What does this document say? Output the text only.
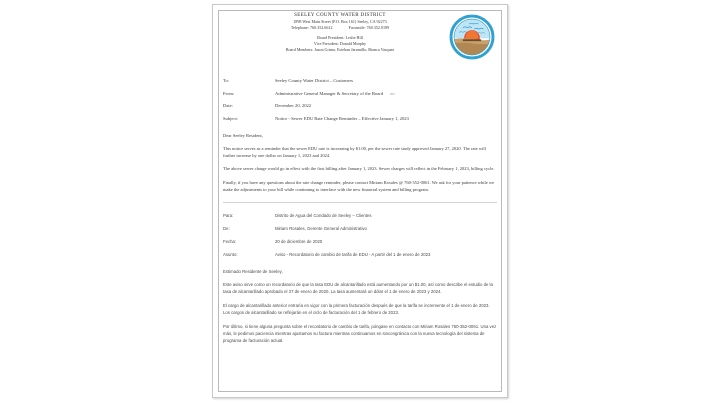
SEELEY COUNTY WATER DISTRICT
1898 West Main Street (P.O. Box 161) Seeley, CA 92273
Telephone: 760.352.6612	Facsimile: 760.352.0189
Board President: Leslie Hill
Vice President: Donald Murphy
Board Members: Jason Grima, Esteban Jaramillo, Bianca Vasquez
To:	Seeley County Water District – Customers
From:	Administrative General Manager & Secretary of the Board mr.
Date:	December 20, 2022
Subject:	Notice - Sewer EDU Rate Change Reminder – Effective January 1, 2023
Dear Seeley Resident,
This notice serves as a reminder that the sewer EDU rate is increasing by $1.00, per the sewer rate study approved January 27, 2020. The rate will further increase by one dollar on January 1, 2023 and 2024.
The above sewer charge would go in effect with the first billing after January 1, 2023. Sewer charges will reflect in the February 1, 2023, billing cycle.
Finally, if you have any questions about the rate change reminder, please contact Miriam Rosales @ 760-352-0061. We ask for your patience while we make the adjustments to your bill while continuing to interface with the new financial system and billing program.
Para:	Distrito de Agua del Condado de Seeley – Clientes
De:	Miriam Rosales, Gerente General Administrativo
Fecha:	20 de diciembre de 2020
Asunto:	Aviso - Recordatorio de cambio de tarifa de EDU - A partir del 1 de enero de 2023
Estimado Residente de Seeley,
Este aviso sirve como un recordatorio de que la tasa EDU de alcantarillado está aumentando por un $1.00, así como describe el estudio de la tasa de alcantarillado aprobado el 27 de enero de 2020. La tasa aumentará un dólar el 1 de enero de 2023 y 2024.
El cargo de alcantarillado anterior entraría en vigor con la primera facturación después de que la tarifa se incremente el 1 de enero de 2023. Los cargos de alcantarillado se reflejarán en el ciclo de facturación del 1 de febrero de 2023.
Por último, si tiene alguna pregunta sobre el recordatorio de cambio de tarifa, póngase en contacto con Miriam Rosales 760-352-0061. Una vez más, le pedimos paciencia mientras ajustamos su factura mientras continuamos en sincongránica con la nueva tecnología del sistema de programa de facturación actual.
